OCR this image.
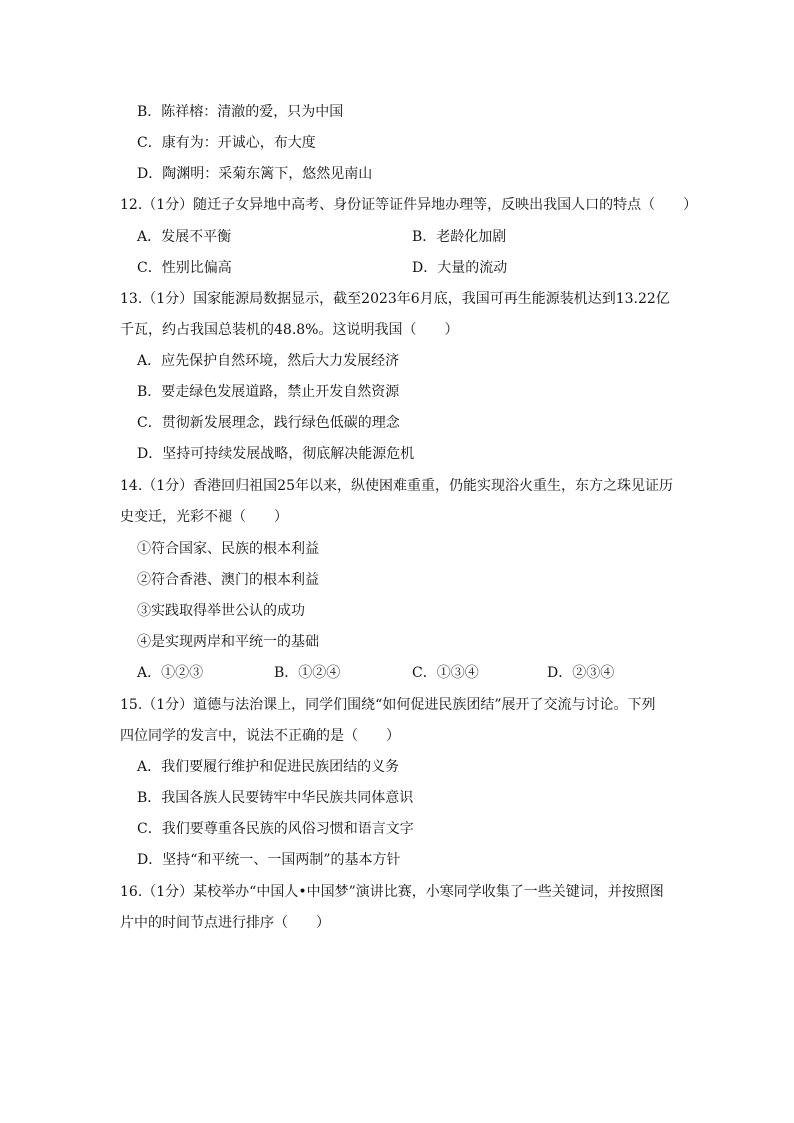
B．陈祥榕：清澈的爱，只为中国
C．康有为：开诚心，布大度
D．陶渊明：采菊东篱下，悠然见南山
12.（1分）随迁子女异地中高考、身份证等证件异地办理等，反映出我国人口的特点（　　）
A．发展不平衡	B．老龄化加剧
C．性别比偏高	D．大量的流动
13.（1分）国家能源局数据显示，截至2023年6月底，我国可再生能源装机达到13.22亿
千瓦，约占我国总装机的48.8%。这说明我国（　　）
A．应先保护自然环境，然后大力发展经济
B．要走绿色发展道路，禁止开发自然资源
C．贯彻新发展理念，践行绿色低碳的理念
D．坚持可持续发展战略，彻底解决能源危机
14.（1分）香港回归祖国25年以来，纵使困难重重，仍能实现浴火重生，东方之珠见证历
史变迁，光彩不褪（　　）
①符合国家、民族的根本利益
②符合香港、澳门的根本利益
③实践取得举世公认的成功
④是实现两岸和平统一的基础
A．①②③	B．①②④	C．①③④	D．②③④
15.（1分）道德与法治课上，同学们围绕“如何促进民族团结”展开了交流与讨论。下列
四位同学的发言中，说法不正确的是（　　）
A．我们要履行维护和促进民族团结的义务
B．我国各族人民要铸牢中华民族共同体意识
C．我们要尊重各民族的风俗习惯和语言文字
D．坚持“和平统一、一国两制”的基本方针
16.（1分）某校举办“中国人•中国梦”演讲比赛，小寒同学收集了一些关键词，并按照图
片中的时间节点进行排序（　　）
